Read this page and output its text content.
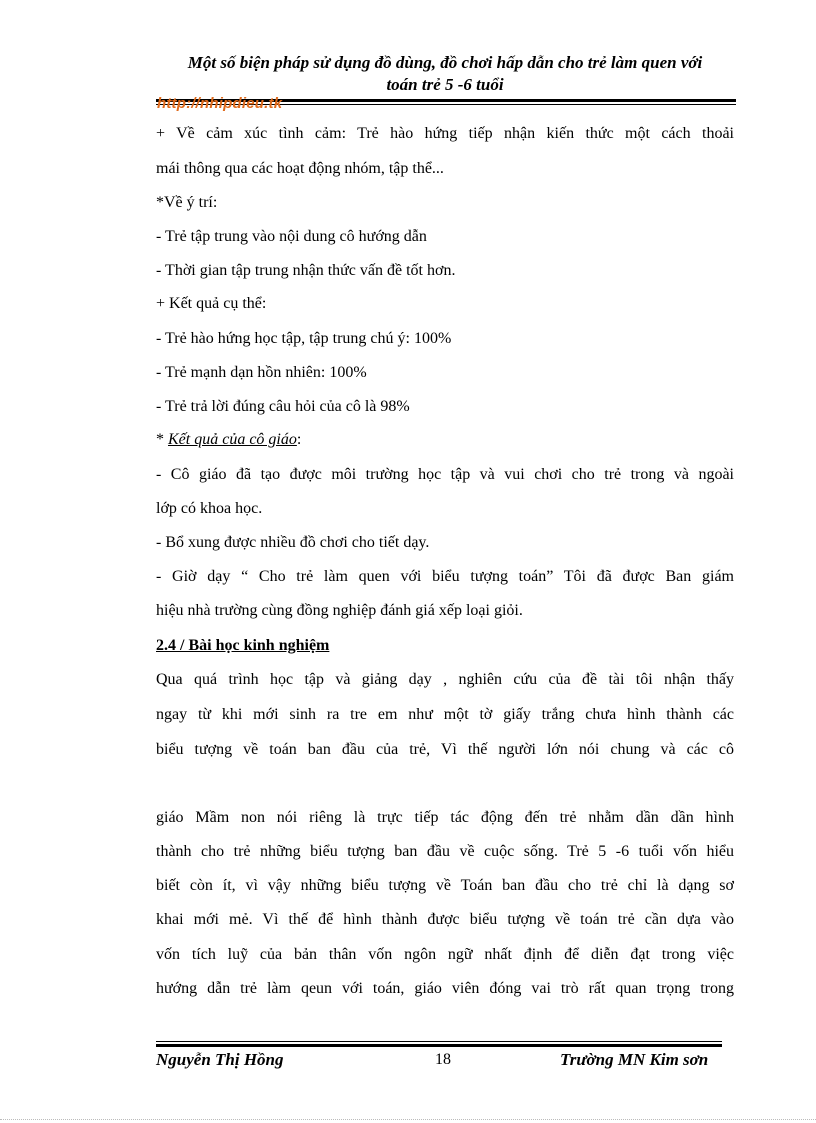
Một số biện pháp sử dụng đồ dùng, đồ chơi hấp dẫn cho trẻ làm quen với
toán trẻ 5 -6 tuổi
http://nhipdieu.tk
+ Về cảm xúc tình cảm: Trẻ hào hứng tiếp nhận kiến thức một cách thoải
mái thông qua các hoạt động nhóm, tập thể...
*Về ý trí:
- Trẻ tập trung vào nội dung cô hướng dẫn
- Thời gian tập trung nhận thức vấn đề tốt hơn.
+ Kết quả cụ thể:
- Trẻ hào hứng học tập, tập trung chú ý: 100%
- Trẻ mạnh dạn hồn nhiên: 100%
- Trẻ trả lời đúng câu hỏi của cô là 98%
* Kết quả của cô giáo:
- Cô giáo đã tạo được môi trường học tập và vui chơi cho trẻ trong và ngoài
lớp có khoa học.
- Bổ xung được nhiều đồ chơi cho tiết dạy.
- Giờ dạy “ Cho trẻ làm quen với biểu tượng toán” Tôi đã được Ban giám
hiệu nhà trường cùng đồng nghiệp đánh giá xếp loại giỏi.
2.4 / Bài học kinh nghiệm
Qua quá trình học tập và giảng dạy , nghiên cứu của đề tài tôi nhận thấy
ngay từ khi mới sinh ra tre em như một tờ giấy trắng chưa hình thành các
biểu tượng về toán ban đầu của trẻ, Vì thế người lớn nói chung và các cô
giáo Mầm non nói riêng là trực tiếp tác động đến trẻ nhằm dần dần hình
thành cho trẻ những biểu tượng ban đầu về cuộc sống. Trẻ 5 -6 tuổi vốn hiểu
biết còn ít, vì vậy những biểu tượng về Toán ban đầu cho trẻ chỉ là dạng sơ
khai mới mẻ. Vì thế để hình thành được biểu tượng về toán trẻ cần dựa vào
vốn tích luỹ của bản thân vốn ngôn ngữ nhất định để diễn đạt trong việc
hướng dẫn trẻ làm qeun với toán, giáo viên đóng vai trò rất quan trọng trong
Nguyễn Thị Hồng	18	Trường MN Kim sơn
